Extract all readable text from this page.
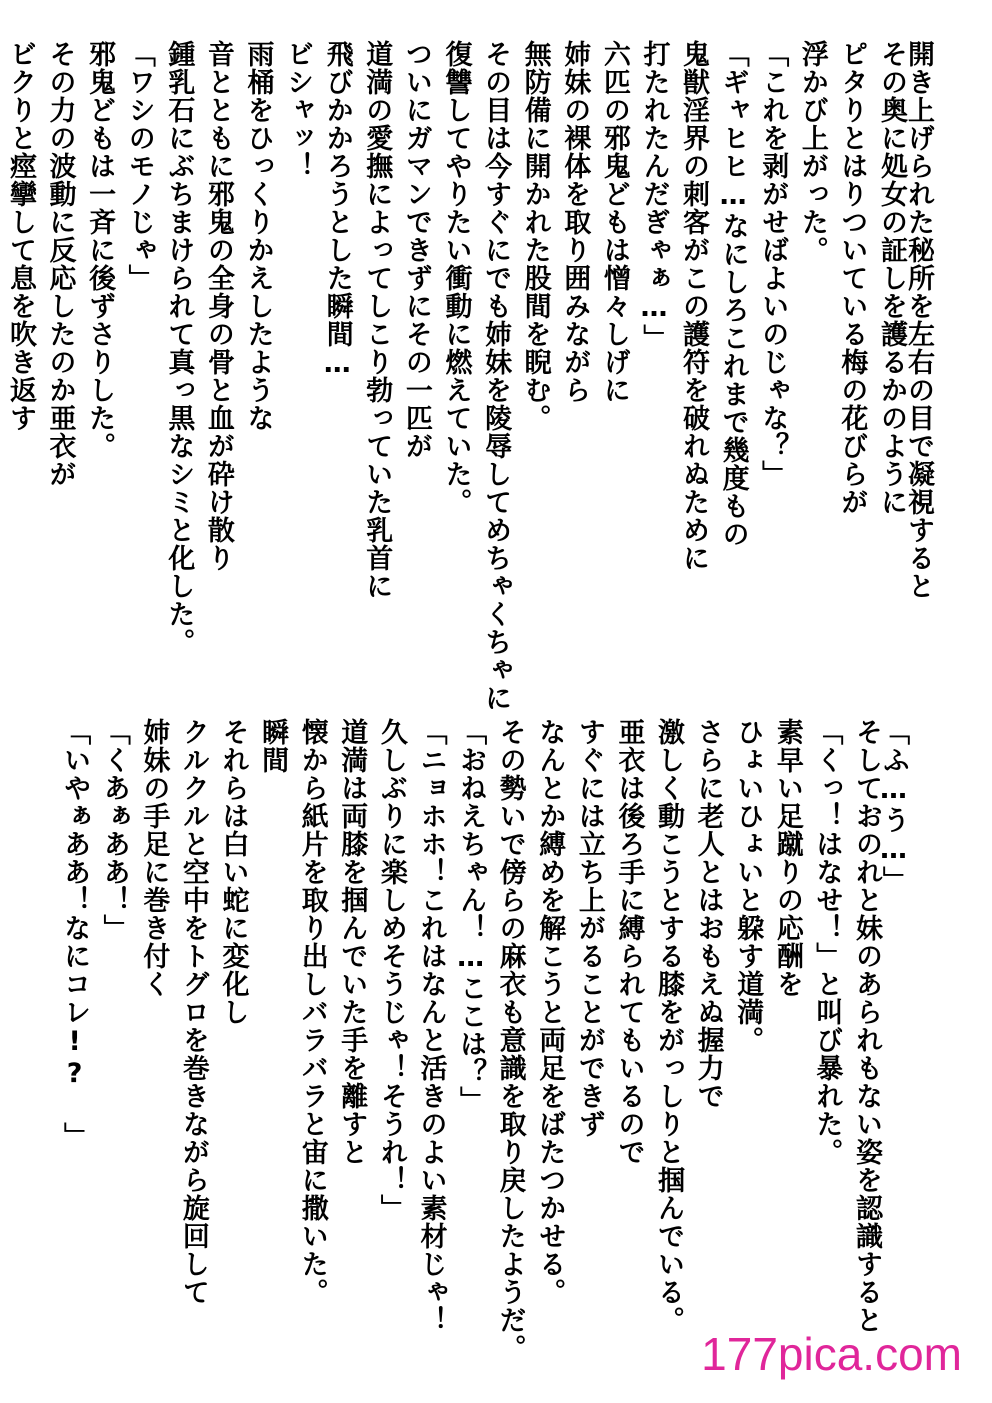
開き上げられた秘所を左右の目で凝視すると
その奥に処女の証しを護るかのように
ピタりとはりついている梅の花びらが
浮かび上がった。
「これを剥がせばよいのじゃな？」
「ギャヒヒ…なにしろこれまで幾度もの
鬼獣淫界の刺客がこの護符を破れぬために
打たれたんだぎゃぁ…」
六匹の邪鬼どもは憎々しげに
姉妹の裸体を取り囲みながら
無防備に開かれた股間を睨む。
その目は今すぐにでも姉妹を陵辱してめちゃくちゃに
復讐してやりたい衝動に燃えていた。
ついにガマンできずにその一匹が
道満の愛撫によってしこり勃っていた乳首に
飛びかかろうとした瞬間…
ビシャッ！
雨桶をひっくりかえしたような
音とともに邪鬼の全身の骨と血が砕け散り
鍾乳石にぶちまけられて真っ黒なシミと化した。
「ワシのモノじゃ」
邪鬼どもは一斉に後ずさりした。
その力の波動に反応したのか亜衣が
ビクりと痙攣して息を吹き返す
「ふ…う…」
そしておのれと妹のあられもない姿を認識すると
「くっ！はなせ！」と叫び暴れた。
素早い足蹴りの応酬を
ひょいひょいと躱す道満。
さらに老人とはおもえぬ握力で
激しく動こうとする膝をがっしりと掴んでいる。
亜衣は後ろ手に縛られてもいるので
すぐには立ち上がることができず
なんとか縛めを解こうと両足をばたつかせる。
その勢いで傍らの麻衣も意識を取り戻したようだ。
「おねえちゃん！…ここは？」
「ニョホホ！これはなんと活きのよい素材じゃ！
久しぶりに楽しめそうじゃ！そうれ！」
道満は両膝を掴んでいた手を離すと
懐から紙片を取り出しバラバラと宙に撒いた。
瞬間
それらは白い蛇に変化し
クルクルと空中をトグロを巻きながら旋回して
姉妹の手足に巻き付く
「くあぁああ！」
「いやぁああ！なにコレ!? 」
177pica.com
